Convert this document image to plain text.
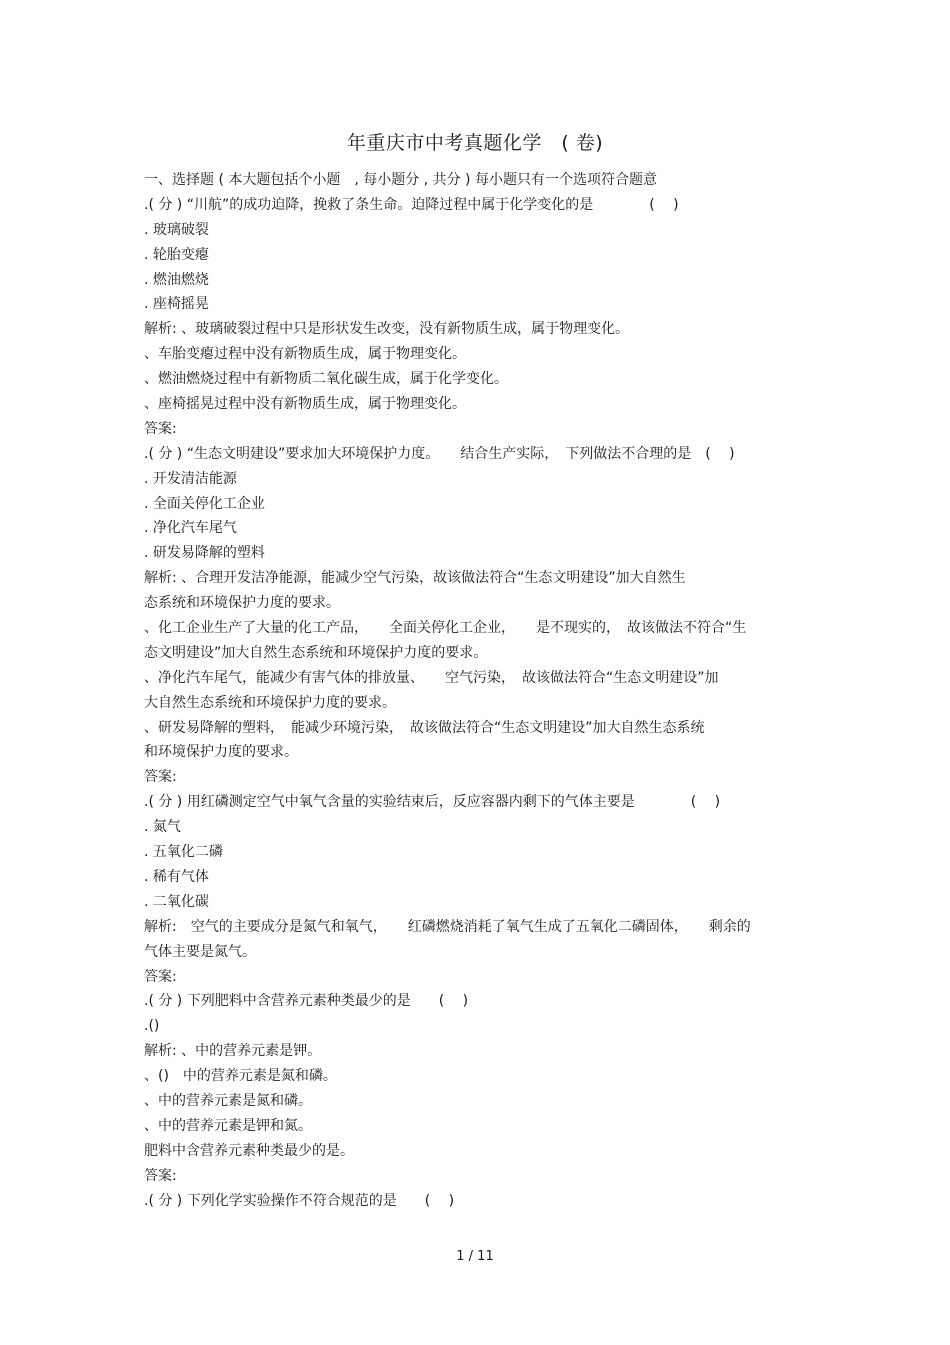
年重庆市中考真题化学　( 卷)
一、选择题 ( 本大题包括个小题　, 每小题分 , 共分 ) 每小题只有一个选项符合题意
.( 分 ) “川航”的成功迫降，挽救了条生命。迫降过程中属于化学变化的是　　　　( 　)
. 玻璃破裂
. 轮胎变瘪
. 燃油燃烧
. 座椅摇晃
解析: 、玻璃破裂过程中只是形状发生改变，没有新物质生成，属于物理变化。
、车胎变瘪过程中没有新物质生成，属于物理变化。
、燃油燃烧过程中有新物质二氧化碳生成，属于化学变化。
、座椅摇晃过程中没有新物质生成，属于物理变化。
答案:
.( 分 ) “生态文明建设”要求加大环境保护力度。　　结合生产实际，　下列做法不合理的是　( 　)
. 开发清洁能源
. 全面关停化工企业
. 净化汽车尾气
. 研发易降解的塑料
解析: 、合理开发洁净能源，能减少空气污染，故该做法符合“生态文明建设”加大自然生
态系统和环境保护力度的要求。
、化工企业生产了大量的化工产品，　　全面关停化工企业，　　是不现实的，　故该做法不符合“生
态文明建设”加大自然生态系统和环境保护力度的要求。
、净化汽车尾气，能减少有害气体的排放量、　　空气污染，　故该做法符合“生态文明建设”加
大自然生态系统和环境保护力度的要求。
、研发易降解的塑料，　能减少环境污染，　故该做法符合“生态文明建设”加大自然生态系统
和环境保护力度的要求。
答案:
.( 分 ) 用红磷测定空气中氧气含量的实验结束后，反应容器内剩下的气体主要是　　　　( 　)
. 氮气
. 五氧化二磷
. 稀有气体
. 二氧化碳
解析:　空气的主要成分是氮气和氧气，　　红磷燃烧消耗了氧气生成了五氧化二磷固体，　　剩余的
气体主要是氮气。
答案:
.( 分 ) 下列肥料中含营养元素种类最少的是　　( 　)
.()
解析: 、中的营养元素是钾。
、()　中的营养元素是氮和磷。
、中的营养元素是氮和磷。
、中的营养元素是钾和氮。
肥料中含营养元素种类最少的是。
答案:
.( 分 ) 下列化学实验操作不符合规范的是　　( 　)
1 / 11
